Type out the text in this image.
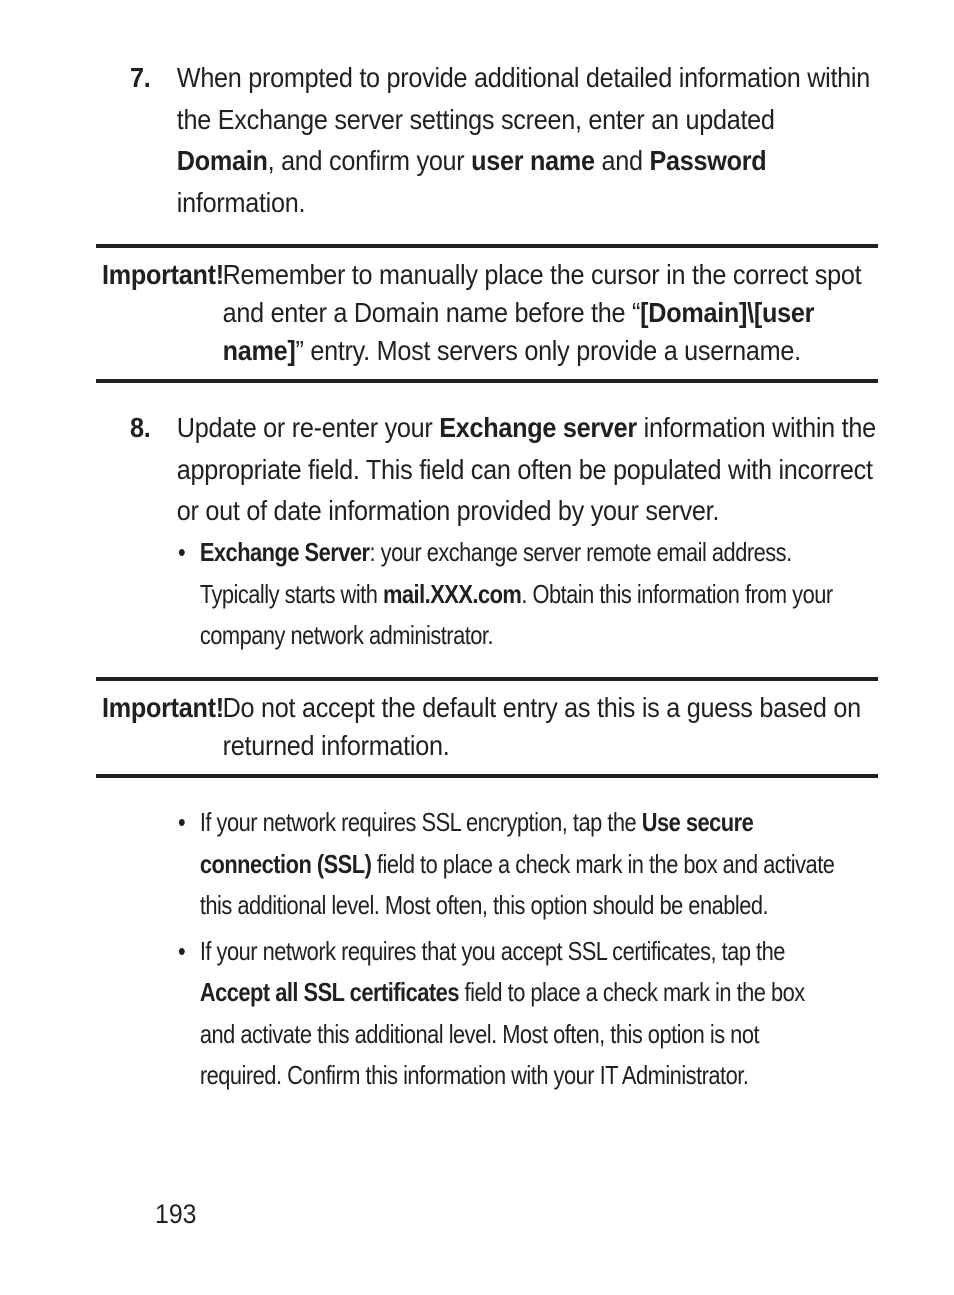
7. When prompted to provide additional detailed information within the Exchange server settings screen, enter an updated Domain, and confirm your user name and Password information.
Important!
Remember to manually place the cursor in the correct spot and enter a Domain name before the “[Domain]\[user name]” entry. Most servers only provide a username.
8. Update or re-enter your Exchange server information within the appropriate field. This field can often be populated with incorrect or out of date information provided by your server.
• Exchange Server: your exchange server remote email address. Typically starts with mail.XXX.com. Obtain this information from your company network administrator.
Important!
Do not accept the default entry as this is a guess based on returned information.
• If your network requires SSL encryption, tap the Use secure connection (SSL) field to place a check mark in the box and activate this additional level. Most often, this option should be enabled.
• If your network requires that you accept SSL certificates, tap the Accept all SSL certificates field to place a check mark in the box and activate this additional level. Most often, this option is not required. Confirm this information with your IT Administrator.
193
